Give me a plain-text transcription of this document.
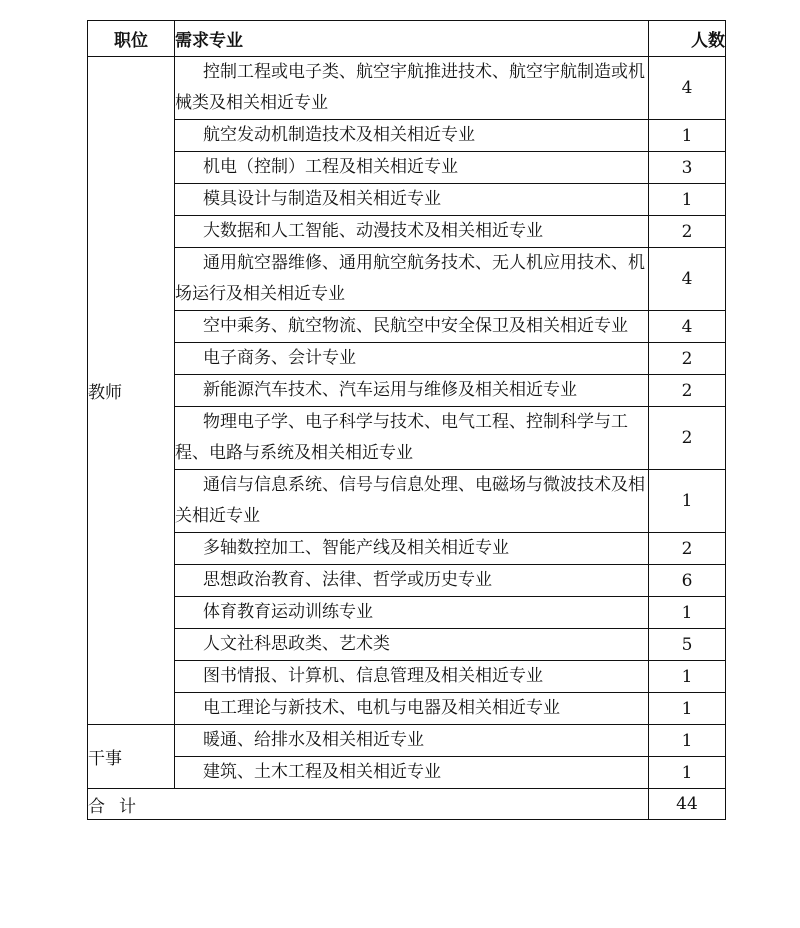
职位	需求专业	人数
教师	控制工程或电子类、航空宇航推进技术、航空宇航制造或机械类及相关相近专业	4

	航空发动机制造技术及相关相近专业	1

	机电（控制）工程及相关相近专业	3

	模具设计与制造及相关相近专业	1

	大数据和人工智能、动漫技术及相关相近专业	2

	通用航空器维修、通用航空航务技术、无人机应用技术、机场运行及相关相近专业	4

	空中乘务、航空物流、民航空中安全保卫及相关相近专业	4

	电子商务、会计专业	2

	新能源汽车技术、汽车运用与维修及相关相近专业	2

	物理电子学、电子科学与技术、电气工程、控制科学与工程、电路与系统及相关相近专业	2

	通信与信息系统、信号与信息处理、电磁场与微波技术及相关相近专业	1

	多轴数控加工、智能产线及相关相近专业	2

	思想政治教育、法律、哲学或历史专业	6

	体育教育运动训练专业	1

	人文社科思政类、艺术类	5

	图书情报、计算机、信息管理及相关相近专业	1

	电工理论与新技术、电机与电器及相关相近专业	1
干事	暖通、给排水及相关相近专业	1

	建筑、土木工程及相关相近专业	1
合计		44
